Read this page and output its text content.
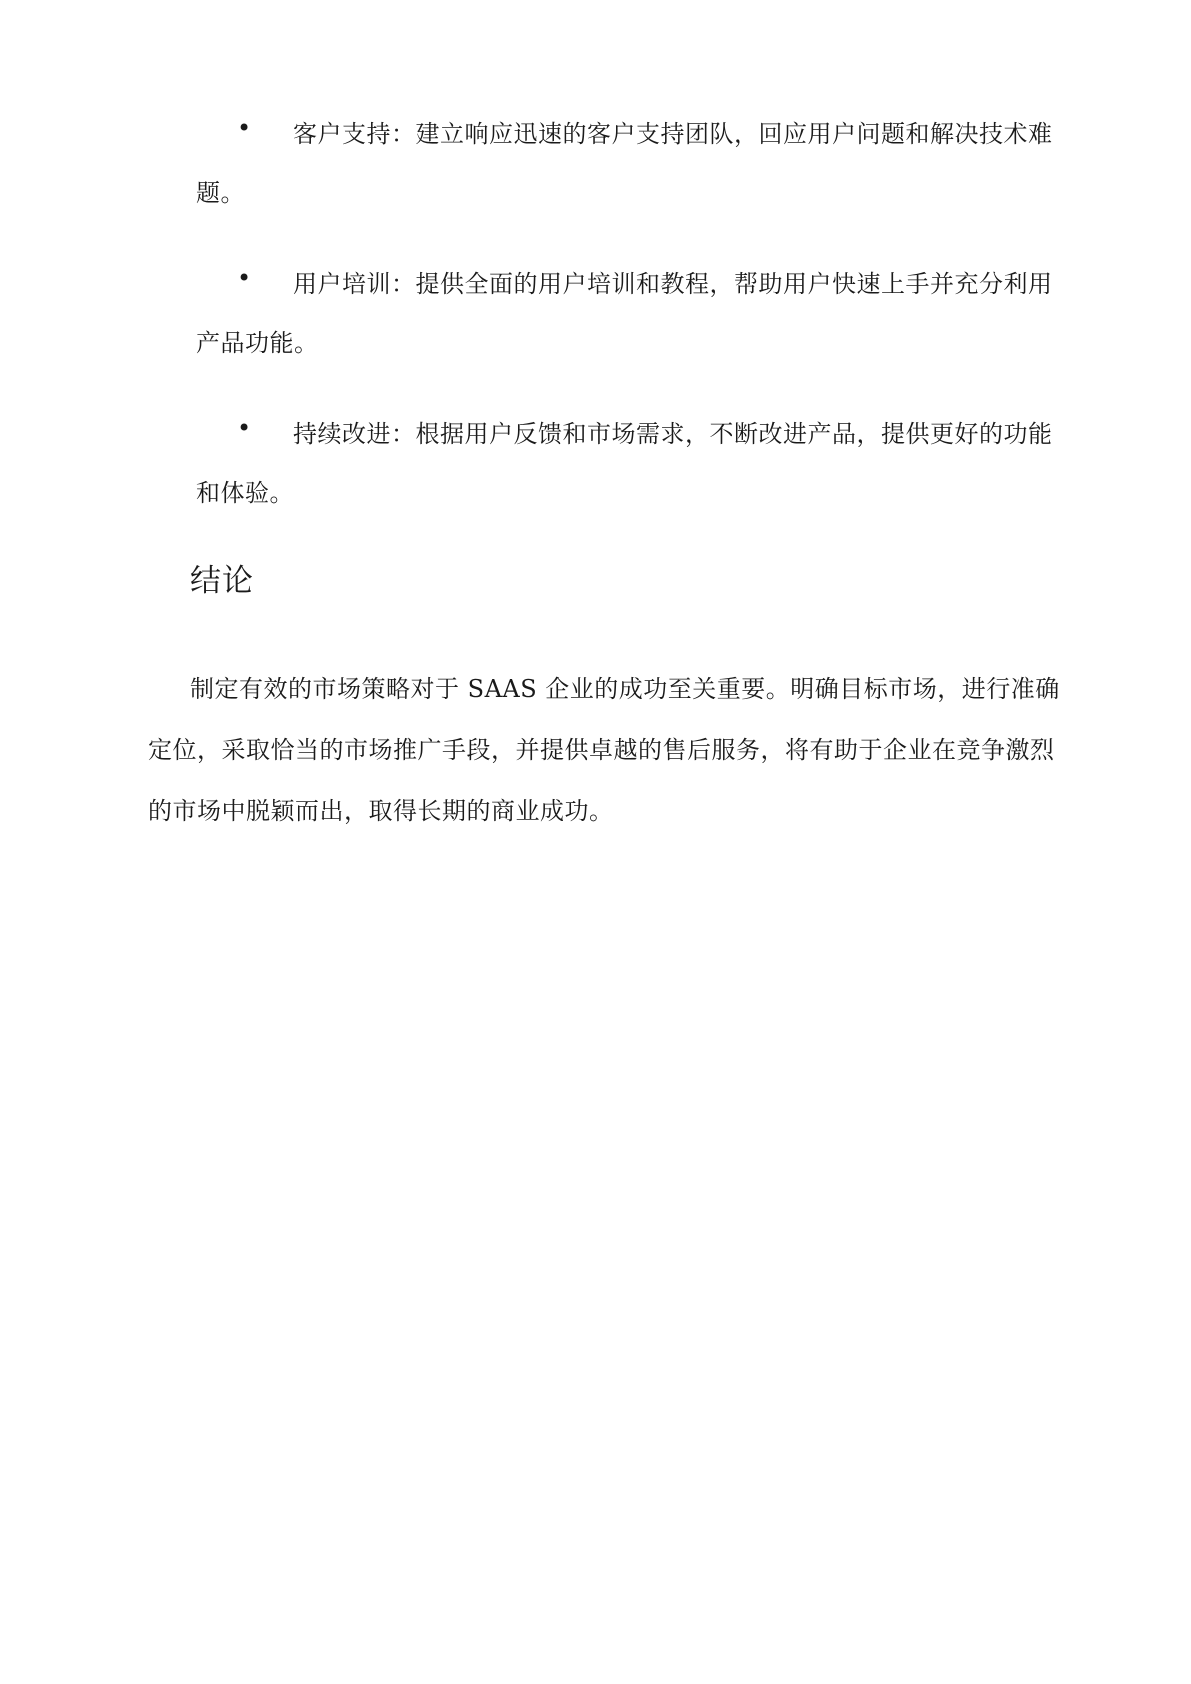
• 客户支持：建立响应迅速的客户支持团队，回应用户问题和解决技术难
题。
• 用户培训：提供全面的用户培训和教程，帮助用户快速上手并充分利用
产品功能。
• 持续改进：根据用户反馈和市场需求，不断改进产品，提供更好的功能
和体验。
结论
制定有效的市场策略对于 SAAS 企业的成功至关重要。明确目标市场，进行准确
定位，采取恰当的市场推广手段，并提供卓越的售后服务，将有助于企业在竞争激烈
的市场中脱颖而出，取得长期的商业成功。
